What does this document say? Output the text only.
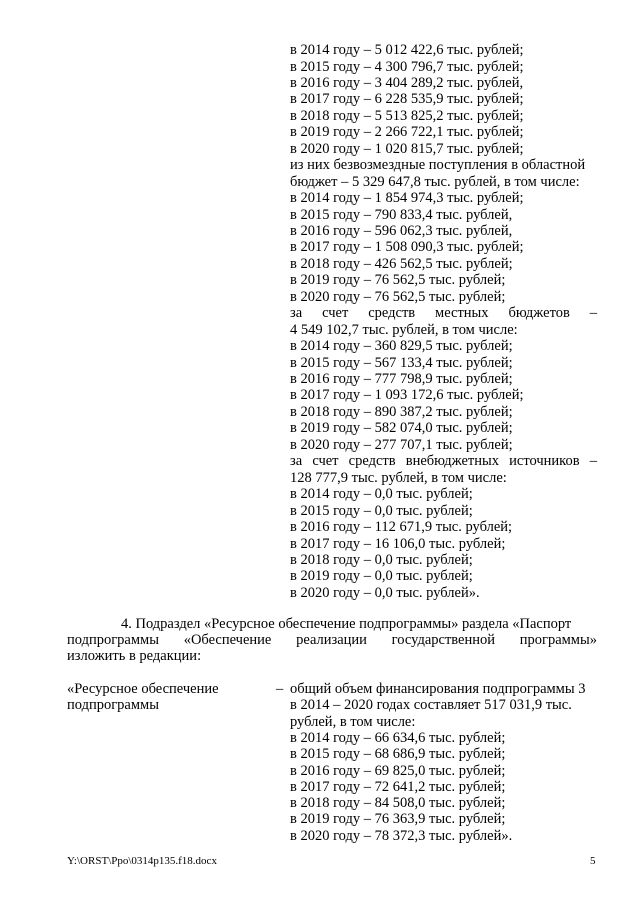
в 2014 году – 5 012 422,6 тыс. рублей;
в 2015 году – 4 300 796,7 тыс. рублей;
в 2016 году – 3 404 289,2 тыс. рублей,
в 2017 году – 6 228 535,9 тыс. рублей;
в 2018 году – 5 513 825,2 тыс. рублей;
в 2019 году – 2 266 722,1 тыс. рублей;
в 2020 году – 1 020 815,7 тыс. рублей;
из них безвозмездные поступления в областной
бюджет – 5 329 647,8 тыс. рублей, в том числе:
в 2014 году – 1 854 974,3 тыс. рублей;
в 2015 году – 790 833,4 тыс. рублей,
в 2016 году – 596 062,3 тыс. рублей,
в 2017 году – 1 508 090,3 тыс. рублей;
в 2018 году – 426 562,5 тыс. рублей;
в 2019 году – 76 562,5 тыс. рублей;
в 2020 году – 76 562,5 тыс. рублей;
за счет средств местных бюджетов –
4 549 102,7 тыс. рублей, в том числе:
в 2014 году – 360 829,5 тыс. рублей;
в 2015 году – 567 133,4 тыс. рублей;
в 2016 году – 777 798,9 тыс. рублей;
в 2017 году – 1 093 172,6 тыс. рублей;
в 2018 году – 890 387,2 тыс. рублей;
в 2019 году – 582 074,0 тыс. рублей;
в 2020 году – 277 707,1 тыс. рублей;
за счет средств внебюджетных источников –
128 777,9 тыс. рублей, в том числе:
в 2014 году – 0,0 тыс. рублей;
в 2015 году – 0,0 тыс. рублей;
в 2016 году – 112 671,9 тыс. рублей;
в 2017 году – 16 106,0 тыс. рублей;
в 2018 году – 0,0 тыс. рублей;
в 2019 году – 0,0 тыс. рублей;
в 2020 году – 0,0 тыс. рублей».
4. Подраздел «Ресурсное обеспечение подпрограммы» раздела «Паспорт
подпрограммы «Обеспечение реализации государственной программы»
изложить в редакции:
«Ресурсное обеспечение
подпрограммы
– общий объем финансирования подпрограммы 3
в 2014 – 2020 годах составляет 517 031,9 тыс.
рублей, в том числе:
в 2014 году – 66 634,6 тыс. рублей;
в 2015 году – 68 686,9 тыс. рублей;
в 2016 году – 69 825,0 тыс. рублей;
в 2017 году – 72 641,2 тыс. рублей;
в 2018 году – 84 508,0 тыс. рублей;
в 2019 году – 76 363,9 тыс. рублей;
в 2020 году – 78 372,3 тыс. рублей».
Y:\ORST\Ppo\0314p135.f18.docx	5
